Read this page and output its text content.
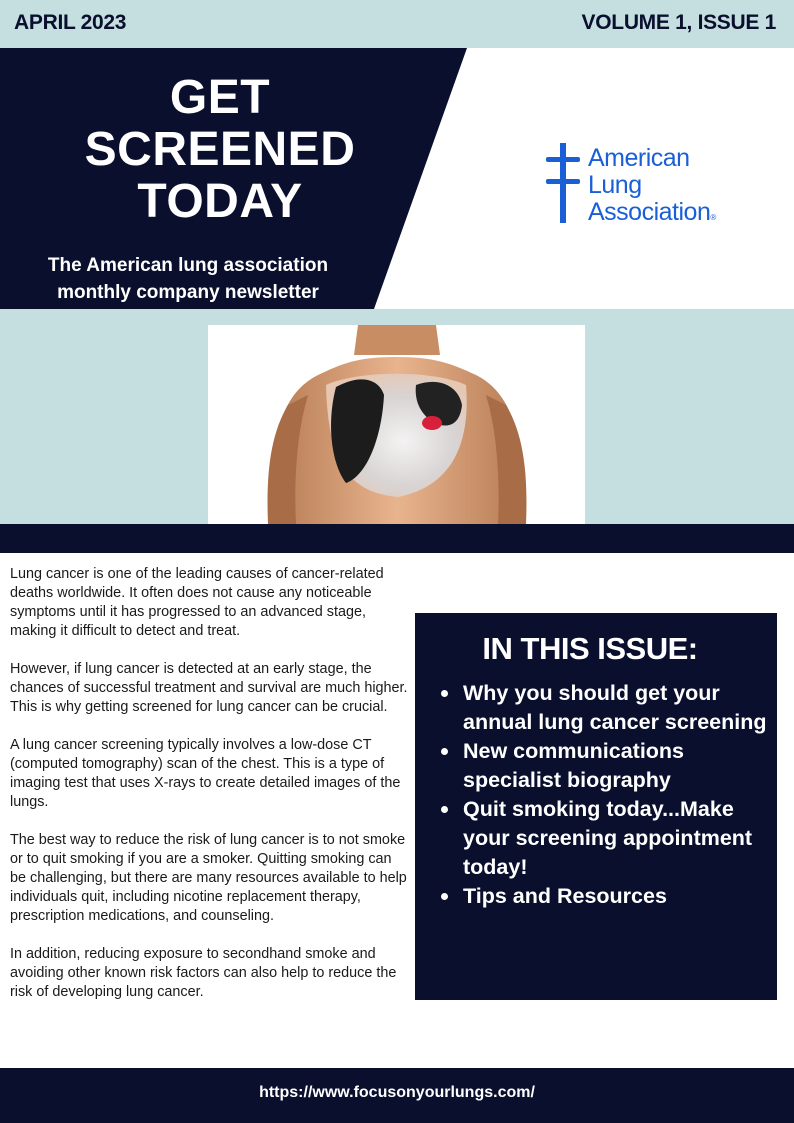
APRIL 2023	VOLUME 1, ISSUE 1
GET
SCREENED
TODAY
The American lung association monthly company newsletter
American
Lung
Association®

Lung cancer is one of the leading causes of cancer-related deaths worldwide. It often does not cause any noticeable symptoms until it has progressed to an advanced stage, making it difficult to detect and treat.

However, if lung cancer is detected at an early stage, the chances of successful treatment and survival are much higher. This is why getting screened for lung cancer can be crucial.

A lung cancer screening typically involves a low-dose CT (computed tomography) scan of the chest. This is a type of imaging test that uses X-rays to create detailed images of the lungs.

The best way to reduce the risk of lung cancer is to not smoke or to quit smoking if you are a smoker. Quitting smoking can be challenging, but there are many resources available to help individuals quit, including nicotine replacement therapy, prescription medications, and counseling.

In addition, reducing exposure to secondhand smoke and avoiding other known risk factors can also help to reduce the risk of developing lung cancer.

IN THIS ISSUE:
Why you should get your annual lung cancer screening
New communications specialist biography
Quit smoking today...Make your screening appointment today!
Tips and Resources
https://www.focusonyourlungs.com/
